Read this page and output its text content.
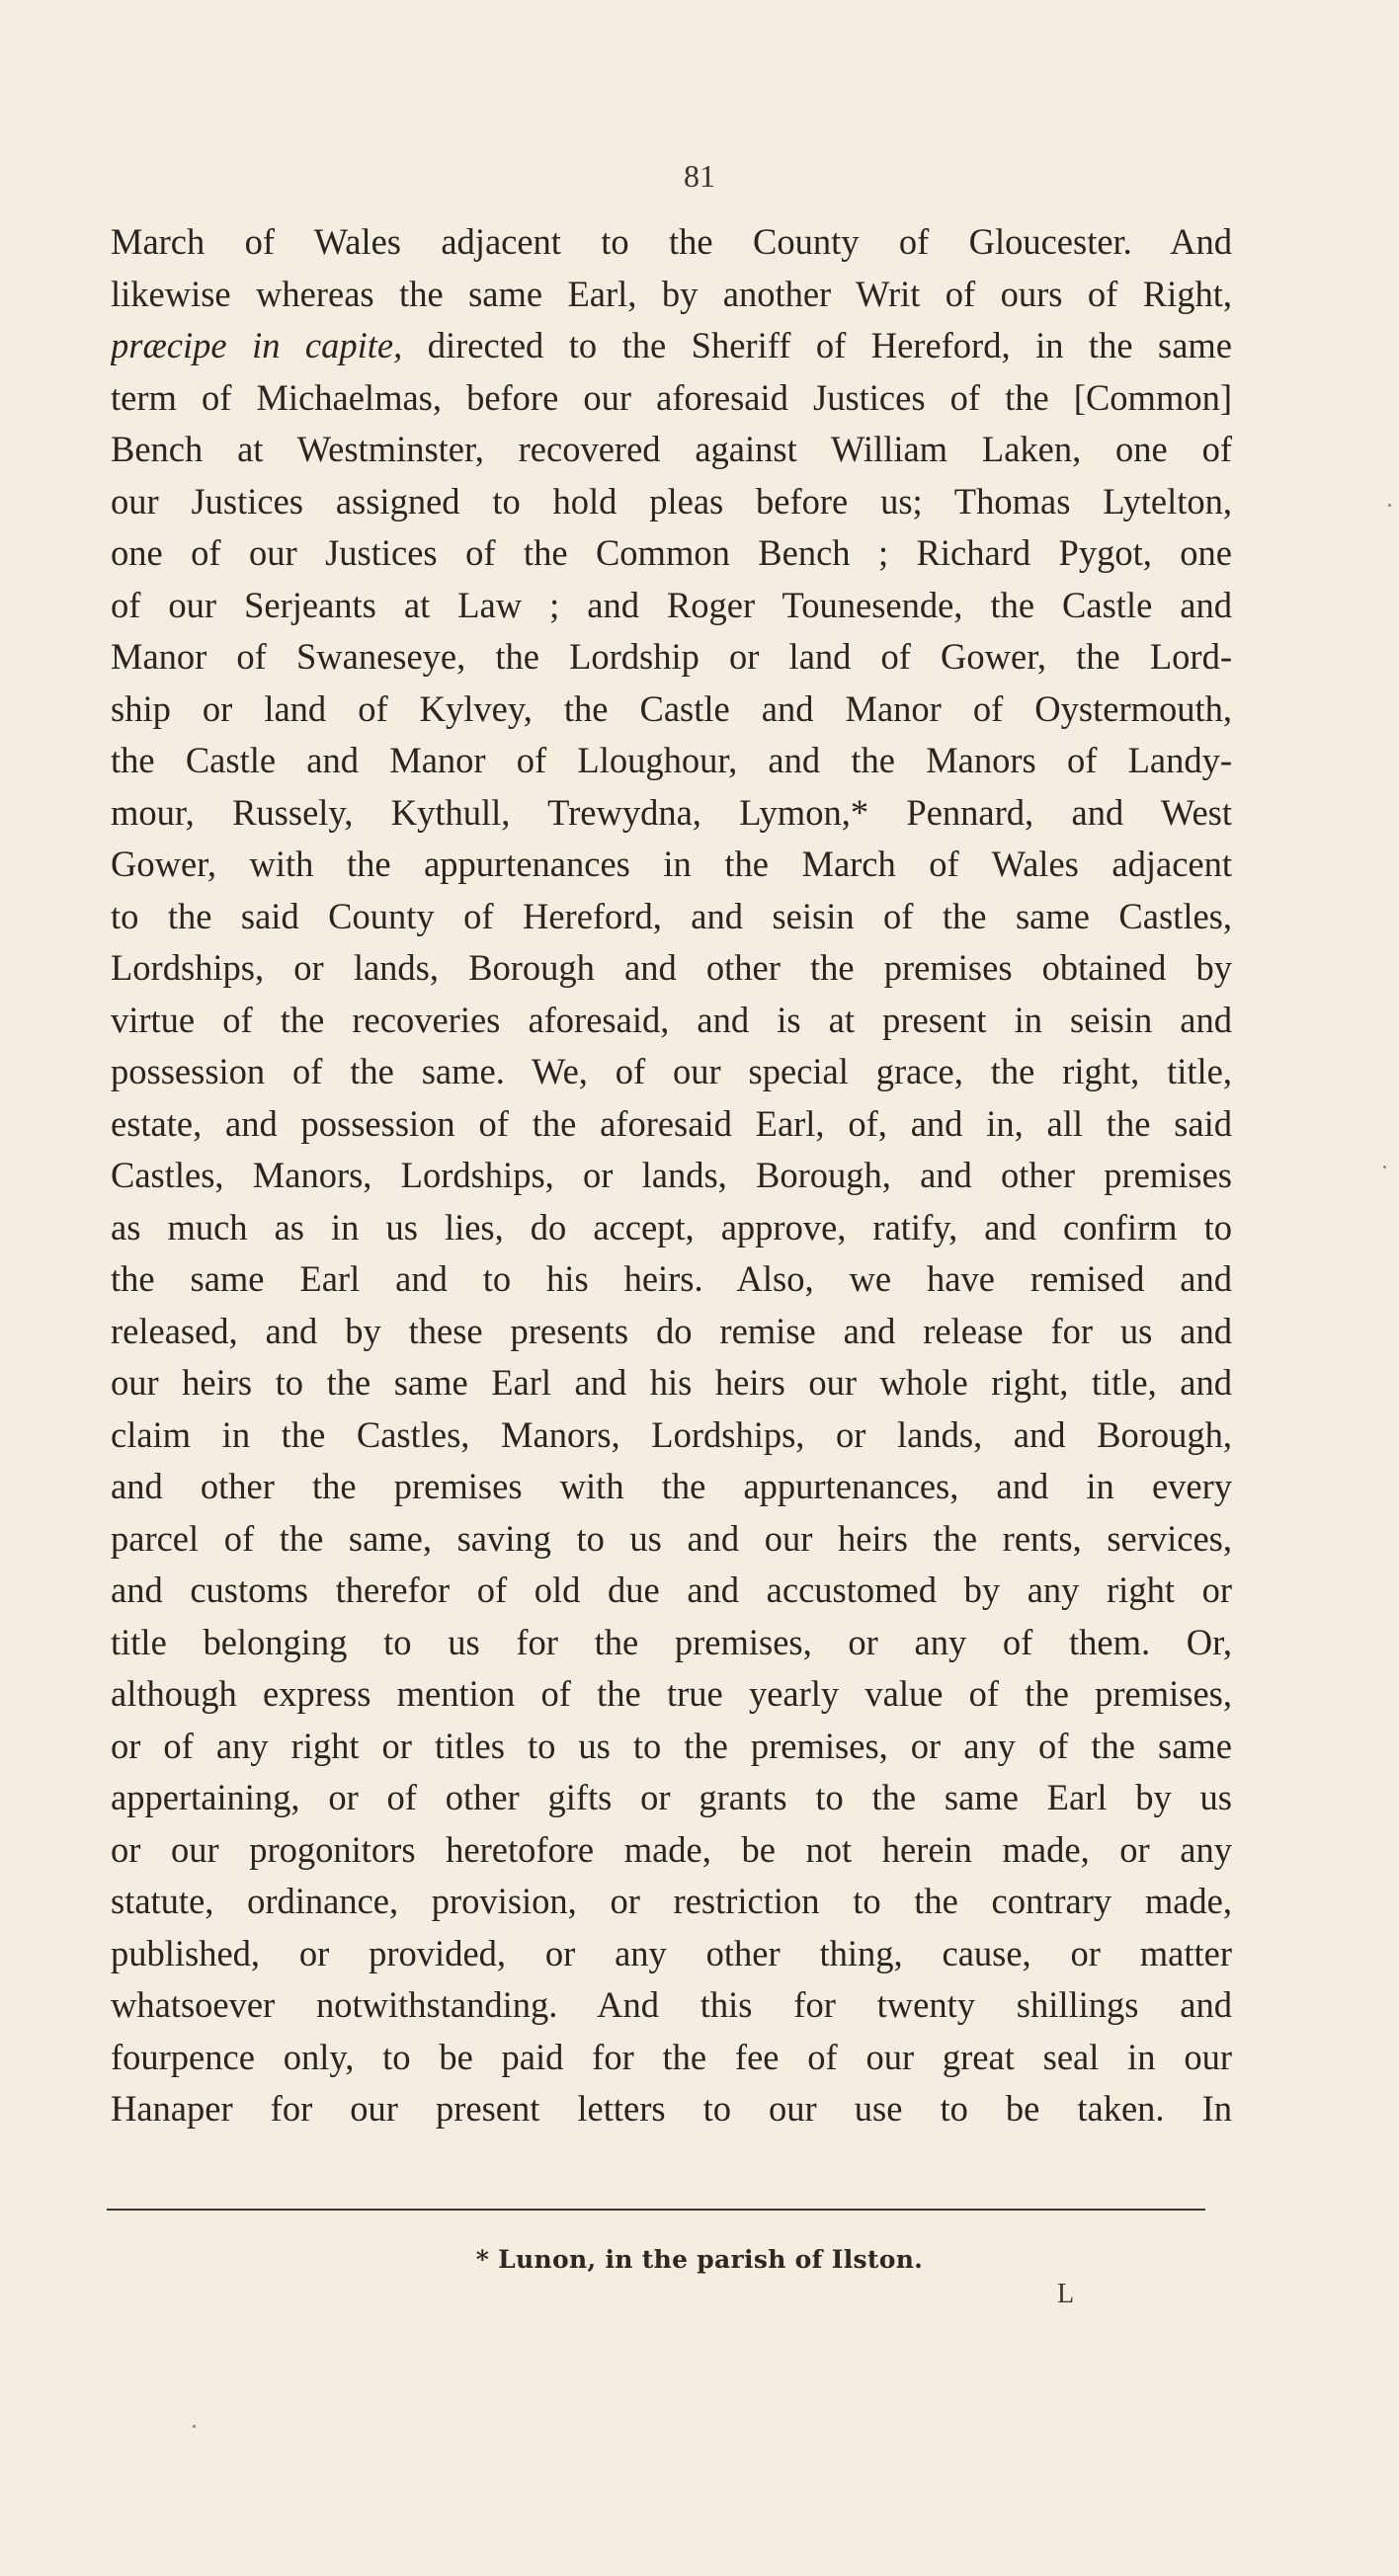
81
March of Wales adjacent to the County of Gloucester. And
likewise whereas the same Earl, by another Writ of ours of Right,
præcipe in capite, directed to the Sheriff of Hereford, in the same
term of Michaelmas, before our aforesaid Justices of the [Common]
Bench at Westminster, recovered against William Laken, one of
our Justices assigned to hold pleas before us; Thomas Lytelton,
one of our Justices of the Common Bench ; Richard Pygot, one
of our Serjeants at Law ; and Roger Tounesende, the Castle and
Manor of Swaneseye, the Lordship or land of Gower, the Lord-
ship or land of Kylvey, the Castle and Manor of Oystermouth,
the Castle and Manor of Lloughour, and the Manors of Landy-
mour, Russely, Kythull, Trewydna, Lymon,* Pennard, and West
Gower, with the appurtenances in the March of Wales adjacent
to the said County of Hereford, and seisin of the same Castles,
Lordships, or lands, Borough and other the premises obtained by
virtue of the recoveries aforesaid, and is at present in seisin and
possession of the same. We, of our special grace, the right, title,
estate, and possession of the aforesaid Earl, of, and in, all the said
Castles, Manors, Lordships, or lands, Borough, and other premises
as much as in us lies, do accept, approve, ratify, and confirm to
the same Earl and to his heirs. Also, we have remised and
released, and by these presents do remise and release for us and
our heirs to the same Earl and his heirs our whole right, title, and
claim in the Castles, Manors, Lordships, or lands, and Borough,
and other the premises with the appurtenances, and in every
parcel of the same, saving to us and our heirs the rents, services,
and customs therefor of old due and accustomed by any right or
title belonging to us for the premises, or any of them. Or,
although express mention of the true yearly value of the premises,
or of any right or titles to us to the premises, or any of the same
appertaining, or of other gifts or grants to the same Earl by us
or our progonitors heretofore made, be not herein made, or any
statute, ordinance, provision, or restriction to the contrary made,
published, or provided, or any other thing, cause, or matter
whatsoever notwithstanding. And this for twenty shillings and
fourpence only, to be paid for the fee of our great seal in our
Hanaper for our present letters to our use to be taken. In
* Lunon, in the parish of Ilston.
L
